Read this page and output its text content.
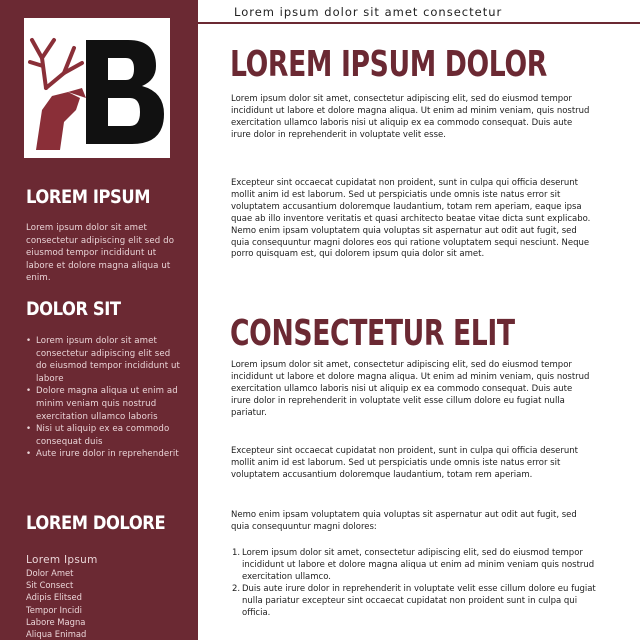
LOREM IPSUM
Lorem ipsum dolor sit amet consectetur adipiscing elit sed do eiusmod tempor incididunt ut labore et dolore magna aliqua ut enim.
DOLOR SIT
• Lorem ipsum dolor sit amet consectetur adipiscing elit sed do eiusmod tempor incididunt ut labore
• Dolore magna aliqua ut enim ad minim veniam quis nostrud exercitation ullamco laboris
• Nisi ut aliquip ex ea commodo consequat duis
• Aute irure dolor in reprehenderit
LOREM DOLORE
Lorem Ipsum
Dolor Amet
Sit Consect
Adipis Elitsed
Tempor Incidi
Labore Magna
Aliqua Enimad
Lorem ipsum dolor sit amet consectetur
LOREM IPSUM DOLOR
Lorem ipsum dolor sit amet, consectetur adipiscing elit, sed do eiusmod tempor incididunt ut labore et dolore magna aliqua. Ut enim ad minim veniam, quis nostrud exercitation ullamco laboris nisi ut aliquip ex ea commodo consequat. Duis aute irure dolor in reprehenderit in voluptate velit esse.
Excepteur sint occaecat cupidatat non proident, sunt in culpa qui officia deserunt mollit anim id est laborum. Sed ut perspiciatis unde omnis iste natus error sit voluptatem accusantium doloremque laudantium, totam rem aperiam, eaque ipsa quae ab illo inventore veritatis et quasi architecto beatae vitae dicta sunt explicabo. Nemo enim ipsam voluptatem quia voluptas sit aspernatur aut odit aut fugit, sed quia consequuntur magni dolores eos qui ratione voluptatem sequi nesciunt. Neque porro quisquam est, qui dolorem ipsum quia dolor sit amet.
CONSECTETUR ELIT
Lorem ipsum dolor sit amet, consectetur adipiscing elit, sed do eiusmod tempor incididunt ut labore et dolore magna aliqua. Ut enim ad minim veniam, quis nostrud exercitation ullamco laboris nisi ut aliquip ex ea commodo consequat. Duis aute irure dolor in reprehenderit in voluptate velit esse cillum dolore eu fugiat nulla pariatur.
Excepteur sint occaecat cupidatat non proident, sunt in culpa qui officia deserunt mollit anim id est laborum. Sed ut perspiciatis unde omnis iste natus error sit voluptatem accusantium doloremque laudantium, totam rem aperiam.
Nemo enim ipsam voluptatem quia voluptas sit aspernatur aut odit aut fugit, sed quia consequuntur magni dolores:
1. Lorem ipsum dolor sit amet, consectetur adipiscing elit, sed do eiusmod tempor incididunt ut labore et dolore magna aliqua ut enim ad minim veniam quis nostrud exercitation ullamco.
2. Duis aute irure dolor in reprehenderit in voluptate velit esse cillum dolore eu fugiat nulla pariatur excepteur sint occaecat cupidatat non proident sunt in culpa qui officia.
